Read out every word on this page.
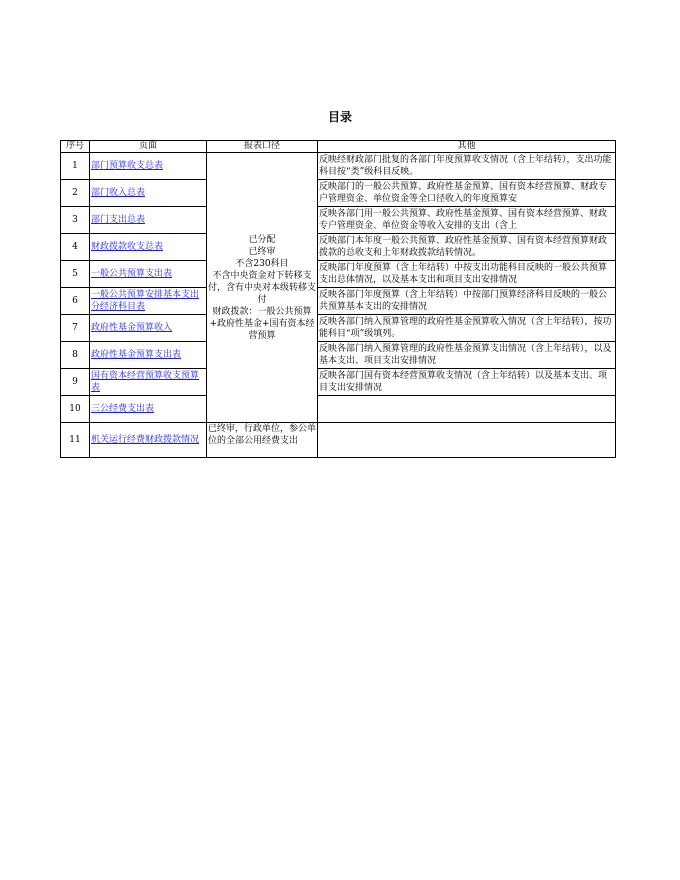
目录
序号	页面	报表口径	其他
1	部门预算收支总表	已分配
已终审
不含230科目
不含中央资金对下转移支付，含有中央对本级转移支付
财政拨款：一般公共预算+政府性基金+国有资本经营预算	反映经财政部门批复的各部门年度预算收支情况（含上年结转），支出功能科目按“类”级科目反映。

2	部门收入总表		反映部门的一般公共预算、政府性基金预算、国有资本经营预算、财政专户管理资金、单位资金等全口径收入的年度预算安

3	部门支出总表		反映各部门用一般公共预算、政府性基金预算、国有资本经营预算、财政专户管理资金、单位资金等收入安排的支出（含上

4	财政拨款收支总表		反映部门本年度一般公共预算、政府性基金预算、国有资本经营预算财政拨款的总收支和上年财政拨款结转情况。

5	一般公共预算支出表		反映部门年度预算（含上年结转）中按支出功能科目反映的一般公共预算支出总体情况，以及基本支出和项目支出安排情况

6	一般公共预算安排基本支出分经济科目表		反映各部门年度预算（含上年结转）中按部门预算经济科目反映的一般公共预算基本支出的安排情况

7	政府性基金预算收入		反映各部门纳入预算管理的政府性基金预算收入情况（含上年结转），按功能科目“项”级填列。

8	政府性基金预算支出表		反映各部门纳入预算管理的政府性基金预算支出情况（含上年结转），以及基本支出、项目支出安排情况

9	国有资本经营预算收支预算表		反映各部门国有资本经营预算收支情况（含上年结转）以及基本支出、项目支出安排情况

10	三公经费支出表		

11	机关运行经费财政拨款情况	已终审，行政单位，参公单位的全部公用经费支出	
